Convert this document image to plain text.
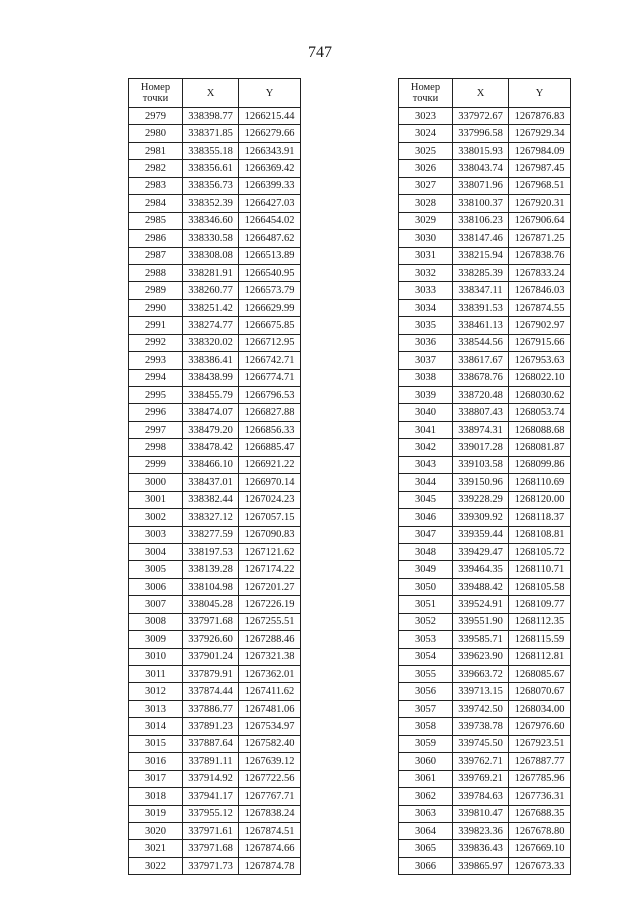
747
Номер
точки	X	Y
2979	338398.77	1266215.44
2980	338371.85	1266279.66
2981	338355.18	1266343.91
2982	338356.61	1266369.42
2983	338356.73	1266399.33
2984	338352.39	1266427.03
2985	338346.60	1266454.02
2986	338330.58	1266487.62
2987	338308.08	1266513.89
2988	338281.91	1266540.95
2989	338260.77	1266573.79
2990	338251.42	1266629.99
2991	338274.77	1266675.85
2992	338320.02	1266712.95
2993	338386.41	1266742.71
2994	338438.99	1266774.71
2995	338455.79	1266796.53
2996	338474.07	1266827.88
2997	338479.20	1266856.33
2998	338478.42	1266885.47
2999	338466.10	1266921.22
3000	338437.01	1266970.14
3001	338382.44	1267024.23
3002	338327.12	1267057.15
3003	338277.59	1267090.83
3004	338197.53	1267121.62
3005	338139.28	1267174.22
3006	338104.98	1267201.27
3007	338045.28	1267226.19
3008	337971.68	1267255.51
3009	337926.60	1267288.46
3010	337901.24	1267321.38
3011	337879.91	1267362.01
3012	337874.44	1267411.62
3013	337886.77	1267481.06
3014	337891.23	1267534.97
3015	337887.64	1267582.40
3016	337891.11	1267639.12
3017	337914.92	1267722.56
3018	337941.17	1267767.71
3019	337955.12	1267838.24
3020	337971.61	1267874.51
3021	337971.68	1267874.66
3022	337971.73	1267874.78
Номер
точки	X	Y
3023	337972.67	1267876.83
3024	337996.58	1267929.34
3025	338015.93	1267984.09
3026	338043.74	1267987.45
3027	338071.96	1267968.51
3028	338100.37	1267920.31
3029	338106.23	1267906.64
3030	338147.46	1267871.25
3031	338215.94	1267838.76
3032	338285.39	1267833.24
3033	338347.11	1267846.03
3034	338391.53	1267874.55
3035	338461.13	1267902.97
3036	338544.56	1267915.66
3037	338617.67	1267953.63
3038	338678.76	1268022.10
3039	338720.48	1268030.62
3040	338807.43	1268053.74
3041	338974.31	1268088.68
3042	339017.28	1268081.87
3043	339103.58	1268099.86
3044	339150.96	1268110.69
3045	339228.29	1268120.00
3046	339309.92	1268118.37
3047	339359.44	1268108.81
3048	339429.47	1268105.72
3049	339464.35	1268110.71
3050	339488.42	1268105.58
3051	339524.91	1268109.77
3052	339551.90	1268112.35
3053	339585.71	1268115.59
3054	339623.90	1268112.81
3055	339663.72	1268085.67
3056	339713.15	1268070.67
3057	339742.50	1268034.00
3058	339738.78	1267976.60
3059	339745.50	1267923.51
3060	339762.71	1267887.77
3061	339769.21	1267785.96
3062	339784.63	1267736.31
3063	339810.47	1267688.35
3064	339823.36	1267678.80
3065	339836.43	1267669.10
3066	339865.97	1267673.33
